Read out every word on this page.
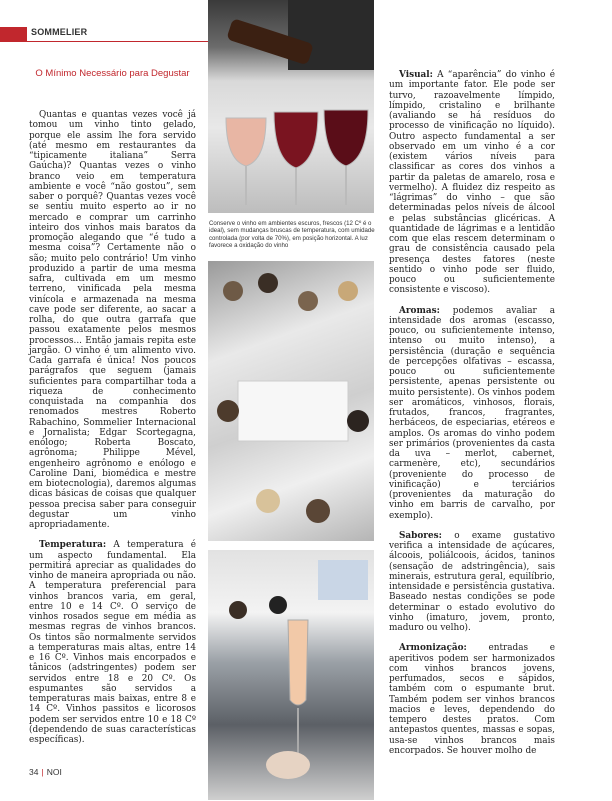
SOMMELIER
O Mínimo Necessário para Degustar

Quantas e quantas vezes você já tomou um vinho tinto gelado, porque ele assim lhe fora servido (até mesmo em restaurantes da “tipicamente italiana” Serra Gaúcha)? Quantas vezes o vinho branco veio em temperatura ambiente e você “não gostou”, sem saber o porquê? Quantas vezes você se sentiu muito esperto ao ir no mercado e comprar um carrinho inteiro dos vinhos mais baratos da promoção alegando que “é tudo a mesma coisa”? Certamente não o são; muito pelo contrário! Um vinho produzido a partir de uma mesma safra, cultivada em um mesmo terreno, vinificada pela mesma vinícola e armazenada na mesma cave pode ser diferente, ao sacar a rolha, do que outra garrafa que passou exatamente pelos mesmos processos... Então jamais repita este jargão. O vinho é um alimento vivo. Cada garrafa é única! Nos poucos parágrafos que seguem (jamais suficientes para compartilhar toda a riqueza de conhecimento conquistada na companhia dos renomados mestres Roberto Rabachino, Sommelier Internacional e Jornalista; Edgar Scortegagna, enólogo; Roberta Boscato, agrônoma; Philippe Mével, engenheiro agrônomo e enólogo e Caroline Dani, biomédica e mestre em biotecnologia), daremos algumas dicas básicas de coisas que qualquer pessoa precisa saber para conseguir degustar um vinho apropriadamente.

Temperatura: A temperatura é um aspecto fundamental. Ela permitirá apreciar as qualidades do vinho de maneira apropriada ou não. A temperatura preferencial para vinhos brancos varia, em geral, entre 10 e 14 Cº. O serviço de vinhos rosados segue em média as mesmas regras de vinhos brancos. Os tintos são normalmente servidos a temperaturas mais altas, entre 14 e 16 Cº. Vinhos mais encorpados e tânicos (adstringentes) podem ser servidos entre 18 e 20 Cº. Os espumantes são servidos a temperaturas mais baixas, entre 8 e 14 Cº. Vinhos passitos e licorosos podem ser servidos entre 10 e 18 Cº (dependendo de suas características específicas).

Conserve o vinho em ambientes escuros, frescos (12 Cº é o ideal), sem mudanças bruscas de temperatura, com umidade controlada (por volta de 70%), em posição horizontal. A luz favorece a oxidação do vinho

Visual: A “aparência” do vinho é um importante fator. Ele pode ser turvo, razoavelmente límpido, límpido, cristalino e brilhante (avaliando se há resíduos do processo de vinificação no líquido). Outro aspecto fundamental a ser observado em um vinho é a cor (existem vários níveis para classificar as cores dos vinhos a partir da paletas de amarelo, rosa e vermelho). A fluidez diz respeito as “lágrimas” do vinho – que são determinadas pelos níveis de álcool e pelas substâncias glicéricas. A quantidade de lágrimas e a lentidão com que elas rescem determinam o grau de consistência causado pela presença destes fatores (neste sentido o vinho pode ser fluido, pouco ou suficientemente consistente e viscoso).

Aromas: podemos avaliar a intensidade dos aromas (escasso, pouco, ou suficientemente intenso, intenso ou muito intenso), a persistência (duração e sequência de percepções olfativas – escassa, pouco ou suficientemente persistente, apenas persistente ou muito persistente). Os vinhos podem ser aromáticos, vinhosos, florais, frutados, francos, fragrantes, herbáceos, de especiarias, etéreos e amplos. Os aromas do vinho podem ser primários (provenientes da casta da uva – merlot, cabernet, carmenère, etc), secundários (proveniente do processo de vinificação) e terciários (provenientes da maturação do vinho em barris de carvalho, por exemplo).

Sabores: o exame gustativo verifica a intensidade de açúcares, álcoois, poliálcoois, ácidos, taninos (sensação de adstringência), sais minerais, estrutura geral, equilíbrio, intensidade e persistência gustativa. Baseado nestas condições se pode determinar o estado evolutivo do vinho (imaturo, jovem, pronto, maduro ou velho).

Armonização: entradas e aperitivos podem ser harmonizados com vinhos brancos jovens, perfumados, secos e sápidos, também com o espumante brut. Também podem ser vinhos brancos macios e leves, dependendo do tempero destes pratos. Com antepastos quentes, massas e sopas, usa-se vinhos brancos mais encorpados. Se houver molho de

34 | NOI
